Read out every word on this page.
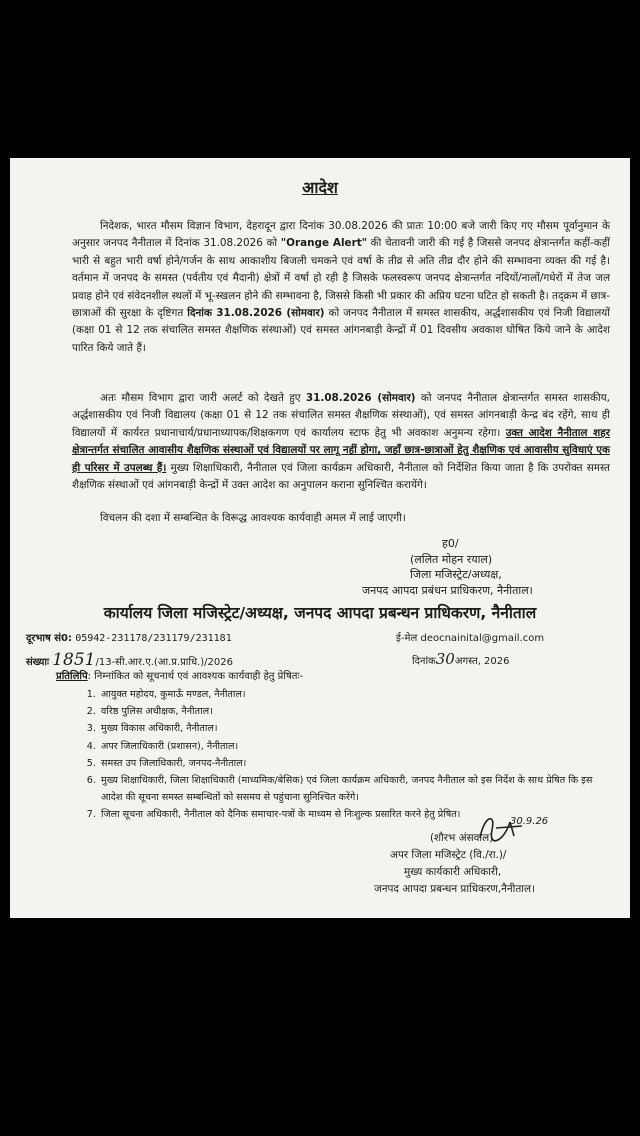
आदेश
निदेशक, भारत मौसम विज्ञान विभाग, देहरादून द्वारा दिनांक 30.08.2026 की प्रातः 10:00 बजे जारी किए गए मौसम पूर्वानुमान के अनुसार जनपद नैनीताल में दिनांक 31.08.2026 को "Orange Alert" की चेतावनी जारी की गई है जिससे जनपद क्षेत्रान्तर्गत कहीं-कहीं भारी से बहुत भारी वर्षा होने/गर्जन के साथ आकाशीय बिजली चमकने एवं वर्षा के तीव्र से अति तीव्र दौर होने की सम्भावना व्यक्त की गई है। वर्तमान में जनपद के समस्त (पर्वतीय एवं मैदानी) क्षेत्रों में वर्षा हो रही है जिसके फलस्वरूप जनपद क्षेत्रान्तर्गत नदियों/नालों/गधेरों में तेज जल प्रवाह होने एवं संवेदनशील स्थलों में भू-स्खलन होने की सम्भावना है, जिससे किसी भी प्रकार की अप्रिय घटना घटित हो सकती है। तद्क्रम में छात्र-छात्राओं की सुरक्षा के दृष्टिगत दिनांक 31.08.2026 (सोमवार) को जनपद नैनीताल में समस्त शासकीय, अर्द्धशासकीय एवं निजी विद्यालयों (कक्षा 01 से 12 तक संचालित समस्त शैक्षणिक संस्थाओं) एवं समस्त आंगनबाड़ी केन्द्रों में 01 दिवसीय अवकाश घोषित किये जाने के आदेश पारित किये जाते हैं।
अतः मौसम विभाग द्वारा जारी अलर्ट को देखते हुए 31.08.2026 (सोमवार) को जनपद नैनीताल क्षेत्रान्तर्गत समस्त शासकीय, अर्द्धशासकीय एवं निजी विद्यालय (कक्षा 01 से 12 तक संचालित समस्त शैक्षणिक संस्थाओं), एवं समस्त आंगनबाड़ी केन्द्र बंद रहेंगे, साथ ही विद्यालयों में कार्यरत प्रधानाचार्य/प्रधानाध्यापक/शिक्षकगण एवं कार्यालय स्टाफ हेतु भी अवकाश अनुमन्य रहेगा। उक्त आदेश नैनीताल शहर क्षेत्रान्तर्गत संचालित आवासीय शैक्षणिक संस्थाओं एवं विद्यालयों पर लागू नहीं होगा, जहाँ छात्र-छात्राओं हेतु शैक्षणिक एवं आवासीय सुविधाएं एक ही परिसर में उपलब्ध हैं। मुख्य शिक्षाधिकारी, नैनीताल एवं जिला कार्यक्रम अधिकारी, नैनीताल को निर्देशित किया जाता है कि उपरोक्त समस्त शैक्षणिक संस्थाओं एवं आंगनबाड़ी केन्द्रों में उक्त आदेश का अनुपालन कराना सुनिश्चित करायेंगे।
विचलन की दशा में सम्बन्धित के विरूद्ध आवश्यक कार्यवाही अमल में लाई जाएगी।
ह0/
(ललित मोहन रयाल)
जिला मजिस्ट्रेट/अध्यक्ष,
जनपद आपदा प्रबंधन प्राधिकरण, नैनीताल।
कार्यालय जिला मजिस्ट्रेट/अध्यक्ष, जनपद आपदा प्रबन्धन प्राधिकरण, नैनीताल
दूरभाष सं0: 05942-231178/231179/231181	ई-मेल deocnainital@gmail.com
संख्याः 1851/13-सी.आर.ए.(आ.प्र.प्राधि.)/2026	दिनांक30अगस्त, 2026
प्रतिलिपि: निम्नांकित को सूचनार्थ एवं आवश्यक कार्यवाही हेतु प्रेषितः-
1. आयुक्त महोदय, कुमाऊँ मण्डल, नैनीताल।
2. वरिष्ठ पुलिस अधीक्षक, नैनीताल।
3. मुख्य विकास अधिकारी, नैनीताल।
4. अपर जिलाधिकारी (प्रशासन), नैनीताल।
5. समस्त उप जिलाधिकारी, जनपद-नैनीताल।
6. मुख्य शिक्षाधिकारी, जिला शिक्षाधिकारी (माध्यमिक/बेसिक) एवं जिला कार्यक्रम अधिकारी, जनपद नैनीताल को इस निर्देश के साथ प्रेषित कि इस आदेश की सूचना समस्त सम्बन्धितों को ससमय से पहुंचाना सुनिश्चित करेंगे।
7. जिला सूचना अधिकारी, नैनीताल को दैनिक समाचार-पत्रों के माध्यम से निःशुल्क प्रसारित करने हेतु प्रेषित।
30.9.26
(शौरभ अंसवाल)
अपर जिला मजिस्ट्रेट (वि./रा.)/
मुख्य कार्यकारी अधिकारी,
जनपद आपदा प्रबन्धन प्राधिकरण,नैनीताल।
